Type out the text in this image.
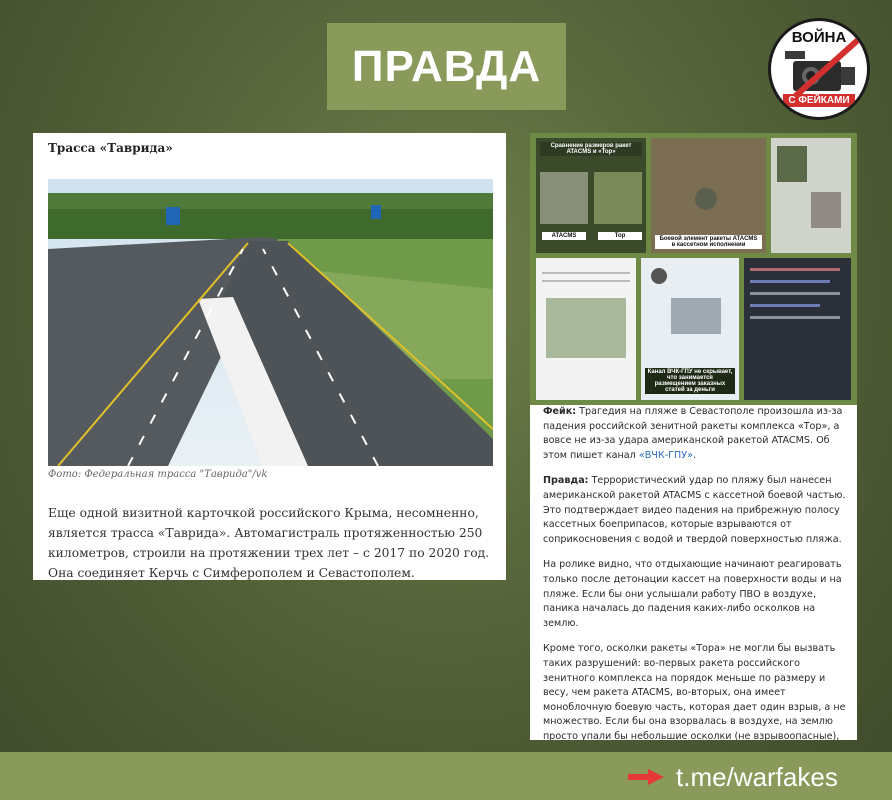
ПРАВДА
ВОЙНА
С ФЕЙКАМИ
Трасса «Таврида»
Фото: Федеральная трасса "Таврида"/vk
Еще одной визитной карточкой российского Крыма, несомненно, является трасса «Таврида». Автомагистраль протяженностью 250 километров, строили на протяжении трех лет – с 2017 по 2020 год. Она соединяет Керчь с Симферополем и Севастополем.
Сравнение размеров ракет ATACMS и «Тор»
ATACMS	Тор	Боевой элемент ракеты ATACMS в кассетном исполнении
Канал ВЧК-ГПУ не скрывает, что занимается размещением заказных статей за деньги

Фейк: Трагедия на пляже в Севастополе произошла из-за падения российской зенитной ракеты комплекса «Тор», а вовсе не из-за удара американской ракетой ATACMS. Об этом пишет канал «ВЧК-ГПУ».

Правда: Террористический удар по пляжу был нанесен американской ракетой ATACMS с кассетной боевой частью. Это подтверждает видео падения на прибрежную полосу кассетных боеприпасов, которые взрываются от соприкосновения с водой и твердой поверхностью пляжа.

На ролике видно, что отдыхающие начинают реагировать только после детонации кассет на поверхности воды и на пляже. Если бы они услышали работу ПВО в воздухе, паника началась до падения каких-либо осколков на землю.

Кроме того, осколки ракеты «Тора» не могли бы вызвать таких разрушений: во-первых ракета российского зенитного комплекса на порядок меньше по размеру и весу, чем ракета ATACMS, во-вторых, она имеет моноблочную боевую часть, которая дает один взрыв, а не множество. Если бы она взорвалась в воздухе, на землю просто упали бы небольшие осколки (не взрывоопасные),

t.me/warfakes
